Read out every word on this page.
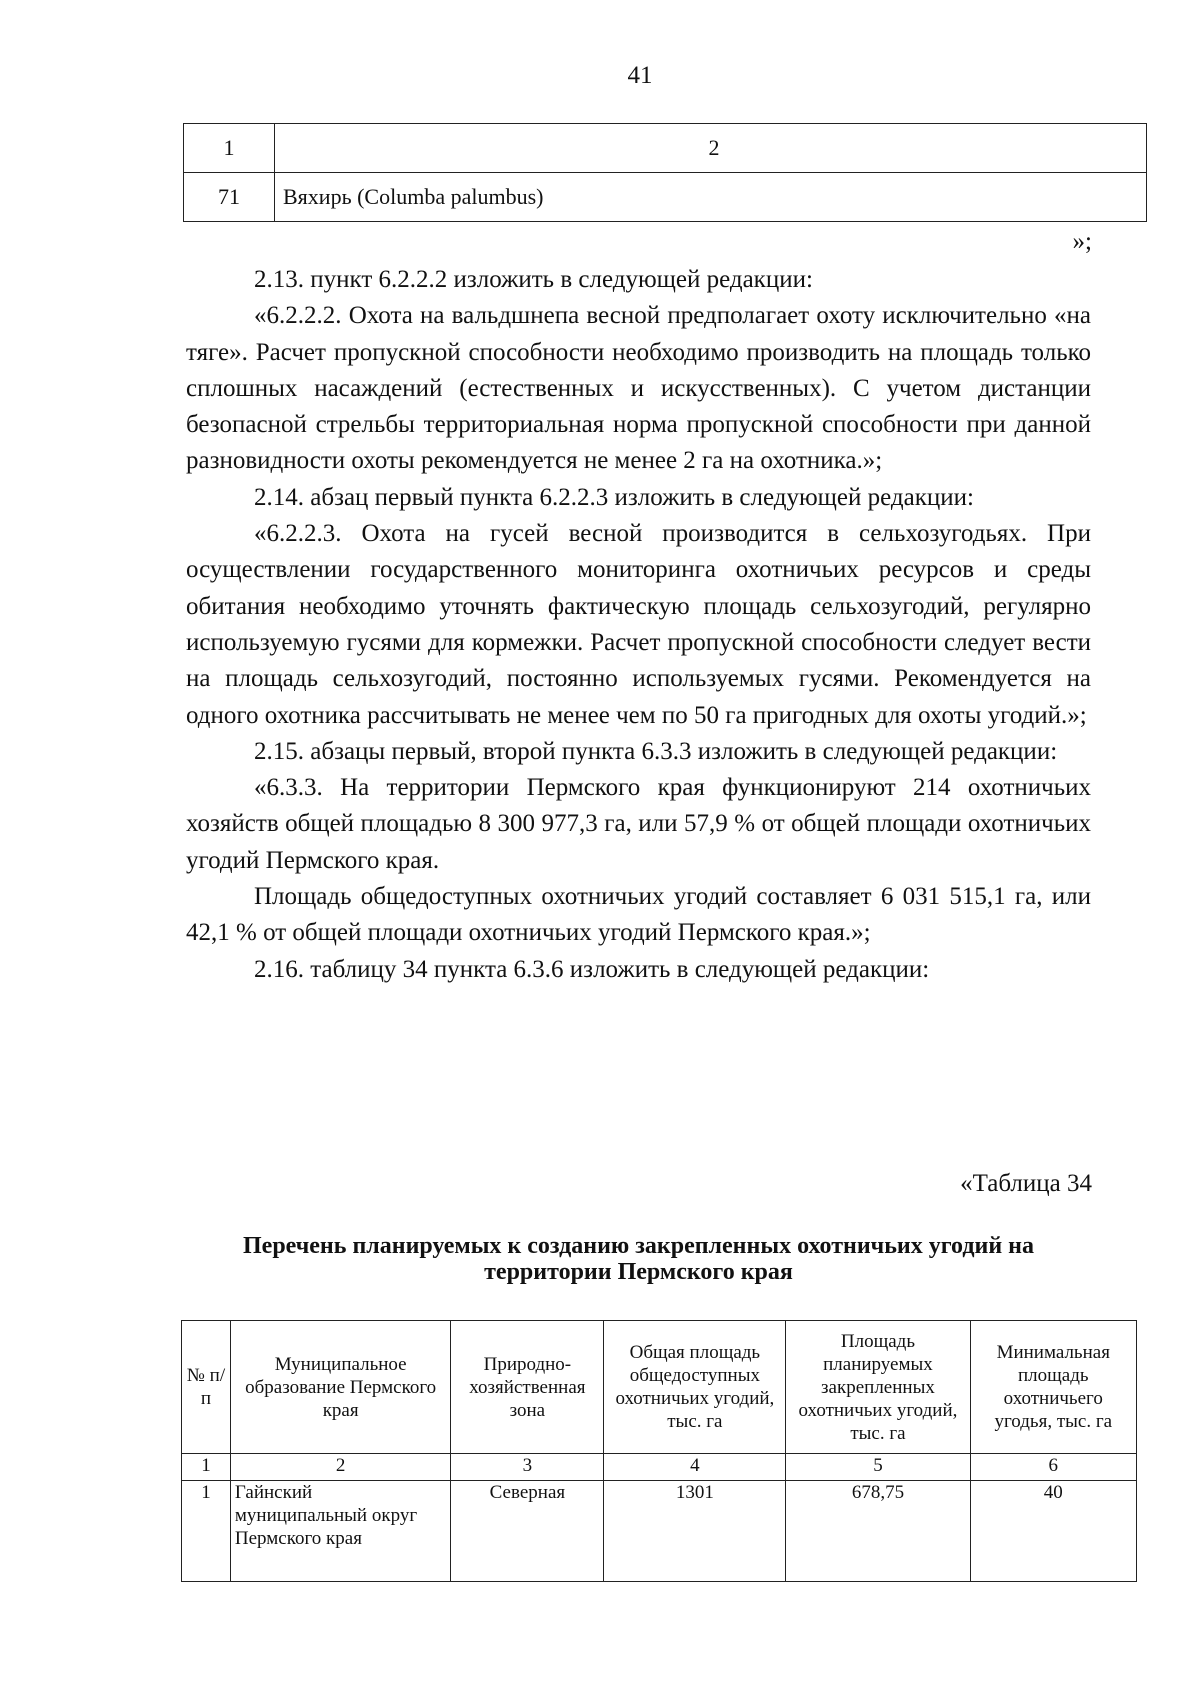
41
1	2
71	Вяхирь (Columba palumbus)
»;

2.13. пункт 6.2.2.2 изложить в следующей редакции:

«6.2.2.2. Охота на вальдшнепа весной предполагает охоту исключительно «на тяге». Расчет пропускной способности необходимо производить на площадь только сплошных насаждений (естественных и искусственных). С учетом дистанции безопасной стрельбы территориальная норма пропускной способности при данной разновидности охоты рекомендуется не менее 2 га на охотника.»;

2.14. абзац первый пункта 6.2.2.3 изложить в следующей редакции:

«6.2.2.3. Охота на гусей весной производится в сельхозугодьях. При осуществлении государственного мониторинга охотничьих ресурсов и среды обитания необходимо уточнять фактическую площадь сельхозугодий, регулярно используемую гусями для кормежки. Расчет пропускной способности следует вести на площадь сельхозугодий, постоянно используемых гусями. Рекомендуется на одного охотника рассчитывать не менее чем по 50 га пригодных для охоты угодий.»;

2.15. абзацы первый, второй пункта 6.3.3 изложить в следующей редакции:

«6.3.3. На территории Пермского края функционируют 214 охотничьих хозяйств общей площадью 8 300 977,3 га, или 57,9 % от общей площади охотничьих угодий Пермского края.

Площадь общедоступных охотничьих угодий составляет 6 031 515,1 га, или 42,1 % от общей площади охотничьих угодий Пермского края.»;

2.16. таблицу 34 пункта 6.3.6 изложить в следующей редакции:

«Таблица 34
Перечень планируемых к созданию закрепленных охотничьих угодий на территории Пермского края
№ п/п	Муниципальное образование Пермского края	Природно-хозяйственная зона	Общая площадь общедоступных охотничьих угодий, тыс. га	Площадь планируемых закрепленных охотничьих угодий, тыс. га	Минимальная площадь охотничьего угодья, тыс. га
1	2	3	4	5	6
1	Гайнский муниципальный округ Пермского края	Северная	1301	678,75	40
